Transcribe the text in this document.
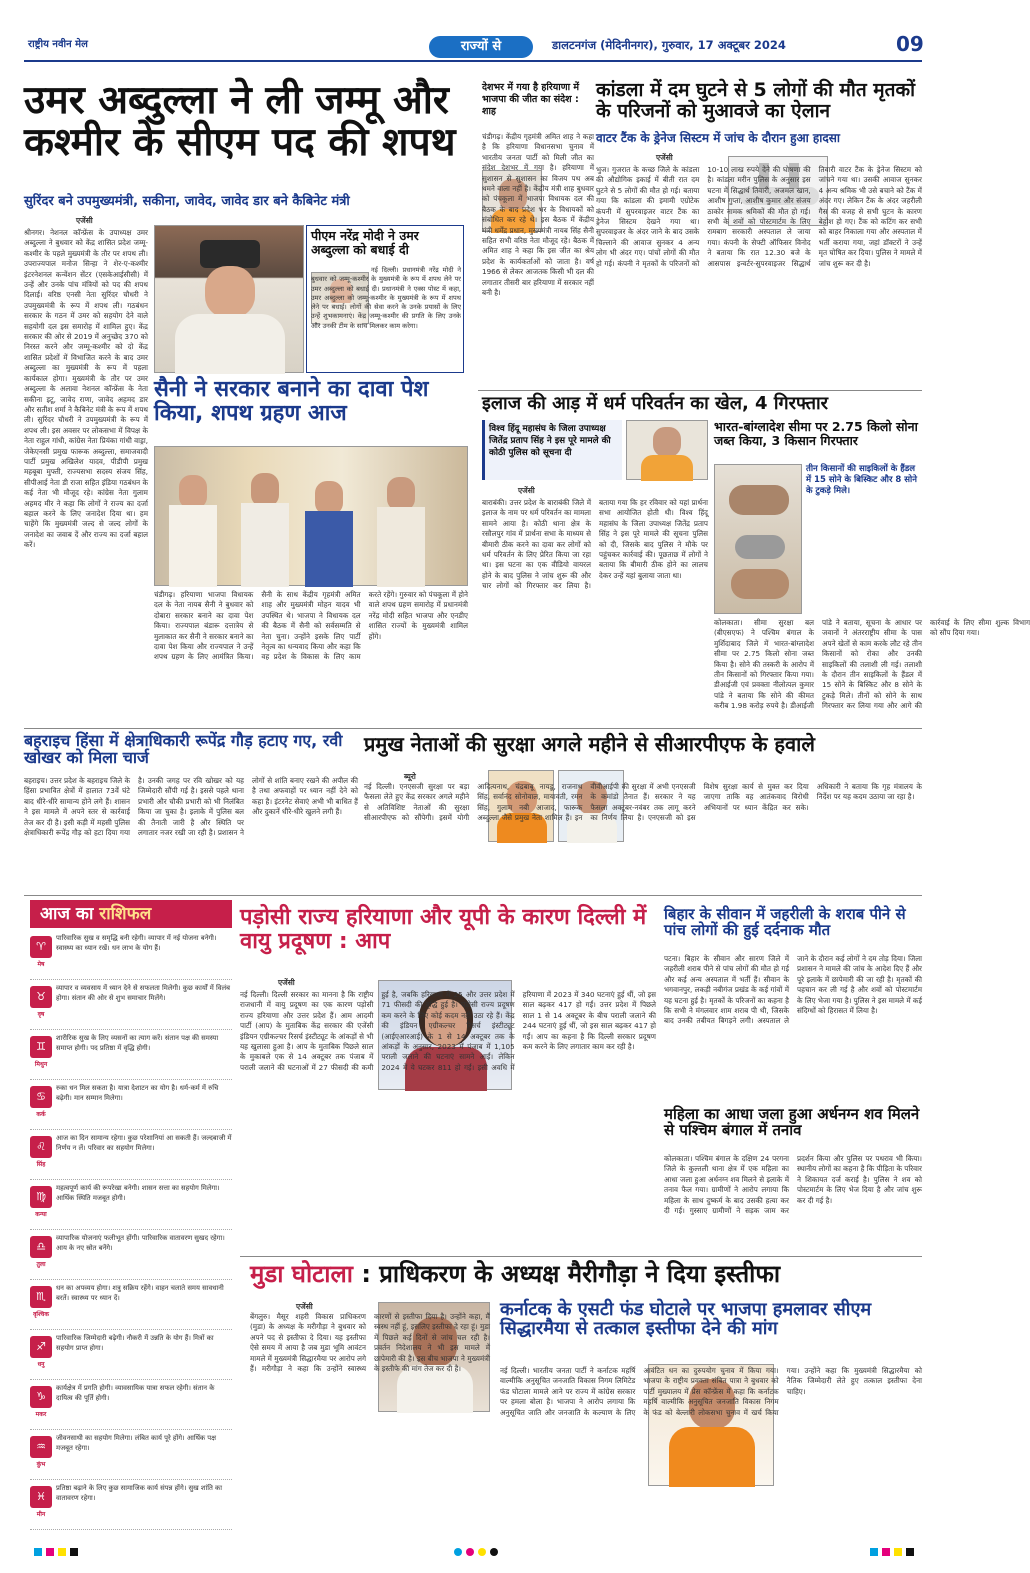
राष्ट्रीय नवीन मेल	राज्यों से	डालटनगंज (मेदिनीनगर), गुरुवार, 17 अक्टूबर 2024	09
उमर अब्दुल्ला ने ली जम्मू और कश्मीर के सीएम पद की शपथ
सुरिंदर बने उपमुख्यमंत्री, सकीना, जावेद, जावेद डार बने कैबिनेट मंत्री
एजेंसी
श्रीनगर। नेशनल कॉन्फ्रेंस के उपाध्यक्ष उमर अब्दुल्ला ने बुधवार को केंद्र शासित प्रदेश जम्मू-कश्मीर के पहले मुख्यमंत्री के तौर पर शपथ ली। उपराज्यपाल मनोज सिन्हा ने शेर-ए-कश्मीर इंटरनेशनल कन्वेंशन सेंटर (एसकेआईसीसी) में उन्हें और उनके पांच मंत्रियों को पद की शपथ दिलाई। वरिष्ठ एनसी नेता सुरिंदर चौधरी ने उपमुख्यमंत्री के रूप में शपथ ली। गठबंधन सरकार के गठन में उमर को सहयोग देने वाले सहयोगी दल इस समारोह में शामिल हुए। केंद्र सरकार की ओर से 2019 में अनुच्छेद 370 को निरस्त करने और जम्मू-कश्मीर को दो केंद्र शासित प्रदेशों में विभाजित करने के बाद उमर अब्दुल्ला का मुख्यमंत्री के रूप में पहला कार्यकाल होगा। मुख्यमंत्री के तौर पर उमर अब्दुल्ला के अलावा नेशनल कॉन्फ्रेंस के नेता सकीना इटू, जावेद राणा, जावेद अहमद डार और सतीश शर्मा ने कैबिनेट मंत्री के रूप में शपथ ली। सुरिंदर चौधरी ने उपमुख्यमंत्री के रूप में शपथ ली। इस अवसर पर लोकसभा में विपक्ष के नेता राहुल गांधी, कांग्रेस नेता प्रियंका गांधी वाड्रा, जेकेएनसी प्रमुख फारूक अब्दुल्ला, समाजवादी पार्टी प्रमुख अखिलेश यादव, पीडीपी प्रमुख महबूबा मुफ्ती, राज्यसभा सदस्य संजय सिंह, सीपीआई नेता डी राजा सहित इंडिया गठबंधन के कई नेता भी मौजूद रहे। कांग्रेस नेता गुलाम अहमद मीर ने कहा कि लोगों ने राज्य का दर्जा बहाल करने के लिए जनादेश दिया था। हम चाहेंगे कि मुख्यमंत्री जल्द से जल्द लोगों के जनादेश का जवाब दें और राज्य का दर्जा बहाल करें।
पीएम नरेंद्र मोदी ने उमर अब्दुल्ला को बधाई दी
नई दिल्ली। प्रधानमंत्री नरेंद्र मोदी ने बुधवार को जम्मू-कश्मीर के मुख्यमंत्री के रूप में शपथ लेने पर उमर अब्दुल्ला को बधाई दी। प्रधानमंत्री ने एक्स पोस्ट में कहा, उमर अब्दुल्ला को जम्मू-कश्मीर के मुख्यमंत्री के रूप में शपथ लेने पर बधाई। लोगों की सेवा करने के उनके प्रयासों के लिए उन्हें शुभकामनाएं। केंद्र जम्मू-कश्मीर की प्रगति के लिए उनके और उनकी टीम के साथ मिलकर काम करेगा।
सैनी ने सरकार बनाने का दावा पेश किया, शपथ ग्रहण आज
चंडीगढ़। हरियाणा भाजपा विधायक दल के नेता नायब सैनी ने बुधवार को दोबारा सरकार बनाने का दावा पेश किया। राज्यपाल बंडारू दत्तात्रेय से मुलाकात कर सैनी ने सरकार बनाने का दावा पेश किया और राज्यपाल ने उन्हें शपथ ग्रहण के लिए आमंत्रित किया। सैनी के साथ केंद्रीय गृहमंत्री अमित शाह और मुख्यमंत्री मोहन यादव भी उपस्थित थे। भाजपा ने विधायक दल की बैठक में सैनी को सर्वसम्मति से नेता चुना। उन्होंने इसके लिए पार्टी नेतृत्व का धन्यवाद किया और कहा कि वह प्रदेश के विकास के लिए काम करते रहेंगे। गुरुवार को पंचकूला में होने वाले शपथ ग्रहण समारोह में प्रधानमंत्री नरेंद्र मोदी सहित भाजपा और एनडीए शासित राज्यों के मुख्यमंत्री शामिल होंगे।
देशभर में गया है हरियाणा में भाजपा की जीत का संदेश : शाह
चंडीगढ़। केंद्रीय गृहमंत्री अमित शाह ने कहा है कि हरियाणा विधानसभा चुनाव में भारतीय जनता पार्टी को मिली जीत का संदेश देशभर में गया है। हरियाणा में सुशासन से सुशासन का विजय पथ अब थमने वाला नहीं है। केंद्रीय मंत्री शाह बुधवार को पंचकूला में भाजपा विधायक दल की बैठक के बाद प्रदेश भर के विधायकों को संबोधित कर रहे थे। इस बैठक में केंद्रीय मंत्री धर्मेंद्र प्रधान, मुख्यमंत्री नायब सिंह सैनी सहित सभी वरिष्ठ नेता मौजूद रहे। बैठक में अमित शाह ने कहा कि इस जीत का श्रेय प्रदेश के कार्यकर्ताओं को जाता है। वर्ष 1966 से लेकर आजतक किसी भी दल की लगातार तीसरी बार हरियाणा में सरकार नहीं बनी है।
कांडला में दम घुटने से 5 लोगों की मौत मृतकों के परिजनों को मुआवजे का ऐलान
वाटर टैंक के ड्रेनेज सिस्टम में जांच के दौरान हुआ हादसा
एजेंसी
भुज। गुजरात के कच्छ जिले के कांडला की औद्योगिक इकाई में बीती रात दम घुटने से 5 लोगों की मौत हो गई। बताया गया कि कांडला की इमामी एग्रोटेक कंपनी में सुपरवाइजर वाटर टैंक का ड्रेनेज सिस्टम देखने गया था। सुपरवाइजर के अंदर जाने के बाद उसके चिल्लाने की आवाज सुनकर 4 अन्य लोग भी अंदर गए। पांचों लोगों की मौत हो गई। कंपनी ने मृतकों के परिजनों को 10-10 लाख रुपये देने की घोषणा की है। कांडला मरीन पुलिस के अनुसार इस घटना में सिद्धार्थ तिवारी, अजमल खान, आशीष गुप्ता, आशीष कुमार और संजय ठाकोर नामक श्रमिकों की मौत हो गई। सभी के शवों को पोस्टमार्टम के लिए रामबाग सरकारी अस्पताल ले जाया गया। कंपनी के सेफ्टी ऑफिसर विनोद ने बताया कि रात 12.30 बजे के आसपास इन्वर्टर-सुपरवाइजर सिद्धार्थ तिवारी वाटर टैंक के ड्रेनेज सिस्टम को जांचने गया था। उसकी आवाज सुनकर 4 अन्य श्रमिक भी उसे बचाने को टैंक में अंदर गए। लेकिन टैंक के अंदर जहरीली गैस की वजह से सभी घुटन के कारण बेहोश हो गए। टैंक को कटिंग कर सभी को बाहर निकाला गया और अस्पताल में भर्ती कराया गया, जहां डॉक्टरों ने उन्हें मृत घोषित कर दिया। पुलिस ने मामले में जांच शुरू कर दी है।
इलाज की आड़ में धर्म परिवर्तन का खेल, 4 गिरफ्तार
विश्व हिंदू महासंघ के जिला उपाध्यक्ष जितेंद्र प्रताप सिंह ने इस पूरे मामले की कोठी पुलिस को सूचना दी
एजेंसी
बाराबंकी। उत्तर प्रदेश के बाराबंकी जिले में इलाज के नाम पर धर्म परिवर्तन का मामला सामने आया है। कोठी थाना क्षेत्र के रसौलपुर गांव में प्रार्थना सभा के माध्यम से बीमारी ठीक करने का दावा कर लोगों को धर्म परिवर्तन के लिए प्रेरित किया जा रहा था। इस घटना का एक वीडियो वायरल होने के बाद पुलिस ने जांच शुरू की और चार लोगों को गिरफ्तार कर लिया है। बताया गया कि हर रविवार को यहां प्रार्थना सभा आयोजित होती थी। विश्व हिंदू महासंघ के जिला उपाध्यक्ष जितेंद्र प्रताप सिंह ने इस पूरे मामले की सूचना पुलिस को दी, जिसके बाद पुलिस ने मौके पर पहुंचकर कार्रवाई की। पूछताछ में लोगों ने बताया कि बीमारी ठीक होने का लालच देकर उन्हें यहां बुलाया जाता था।
भारत-बांग्लादेश सीमा पर 2.75 किलो सोना जब्त किया, 3 किसान गिरफ्तार
तीन किसानों की साइकिलों के हैंडल में 15 सोने के बिस्किट और 8 सोने के टुकड़े मिले।
कोलकाता। सीमा सुरक्षा बल (बीएसएफ) ने पश्चिम बंगाल के मुर्शिदाबाद जिले में भारत-बांग्लादेश सीमा पर 2.75 किलो सोना जब्त किया है। सोने की तस्करी के आरोप में तीन किसानों को गिरफ्तार किया गया। डीआईजी एवं प्रवक्ता नीलोत्पल कुमार पांडे ने बताया कि सोने की कीमत करीब 1.98 करोड़ रुपये है। डीआईजी पांडे ने बताया, सूचना के आधार पर जवानों ने अंतरराष्ट्रीय सीमा के पास अपने खेतों से काम करके लौट रहे तीन किसानों को रोका और उनकी साइकिलों की तलाशी ली गई। तलाशी के दौरान तीन साइकिलों के हैंडल में 15 सोने के बिस्किट और 8 सोने के टुकड़े मिले। तीनों को सोने के साथ गिरफ्तार कर लिया गया और आगे की कार्रवाई के लिए सीमा शुल्क विभाग को सौंप दिया गया।
बहराइच हिंसा में क्षेत्राधिकारी रूपेंद्र गौड़ हटाए गए, रवी खोखर को मिला चार्ज
बहराइच। उत्तर प्रदेश के बहराइच जिले के हिंसा प्रभावित क्षेत्रों में हालात 73वें घंटे बाद धीरे-धीरे सामान्य होने लगे हैं। शासन ने इस मामले में अपने स्तर से कार्रवाई तेज कर दी है। इसी कड़ी में महसी पुलिस क्षेत्राधिकारी रूपेंद्र गौड़ को हटा दिया गया है। उनकी जगह पर रवि खोखर को यह जिम्मेदारी सौंपी गई है। इससे पहले थाना प्रभारी और चौकी प्रभारी को भी निलंबित किया जा चुका है। इलाके में पुलिस बल की तैनाती जारी है और स्थिति पर लगातार नजर रखी जा रही है। प्रशासन ने लोगों से शांति बनाए रखने की अपील की है तथा अफवाहों पर ध्यान नहीं देने को कहा है। इंटरनेट सेवाएं अभी भी बाधित हैं और दुकानें धीरे-धीरे खुलने लगी हैं।
प्रमुख नेताओं की सुरक्षा अगले महीने से सीआरपीएफ के हवाले
ब्यूरो
नई दिल्ली। एनएसजी सुरक्षा पर बड़ा फैसला लेते हुए केंद्र सरकार अगले महीने से अतिविशिष्ट नेताओं की सुरक्षा सीआरपीएफ को सौंपेगी। इसमें योगी आदित्यनाथ, चंद्रबाबू नायडू, राजनाथ सिंह, सर्वानंद सोनोवाल, मायावती, रमन सिंह, गुलाम नबी आजाद, फारूक अब्दुल्ला जैसे प्रमुख नेता शामिल हैं। इन वीवीआईपी की सुरक्षा में अभी एनएसजी के कमांडो तैनात हैं। सरकार ने यह फैसला अक्टूबर-नवंबर तक लागू करने का निर्णय लिया है। एनएसजी को इस विशेष सुरक्षा कार्य से मुक्त कर दिया जाएगा ताकि वह आतंकवाद विरोधी अभियानों पर ध्यान केंद्रित कर सके। अधिकारी ने बताया कि गृह मंत्रालय के निर्देश पर यह कदम उठाया जा रहा है।
आज का राशिफल
♈
मेष
पारिवारिक सुख व समृद्धि बनी रहेगी। व्यापार में नई योजना बनेगी। स्वास्थ्य का ध्यान रखें। धन लाभ के योग हैं।
♉
वृष
व्यापार व व्यवसाय में ध्यान देने से सफलता मिलेगी। कुछ कार्यों में विलंब होगा। संतान की ओर से शुभ समाचार मिलेंगे।
♊
मिथुन
शारीरिक सुख के लिए व्यसनों का त्याग करें। संतान पक्ष की समस्या समाप्त होगी। पद प्रतिष्ठा में वृद्धि होगी।
♋
कर्क
रुका धन मिल सकता है। यात्रा देशाटन का योग है। धर्म-कर्म में रुचि बढ़ेगी। मान सम्मान मिलेगा।
♌
सिंह
आज का दिन सामान्य रहेगा। कुछ परेशानियां आ सकती हैं। जल्दबाजी में निर्णय न लें। परिवार का सहयोग मिलेगा।
♍
कन्या
महत्वपूर्ण कार्य की रूपरेखा बनेगी। शासन सत्ता का सहयोग मिलेगा। आर्थिक स्थिति मजबूत होगी।
♎
तुला
व्यापारिक योजनाएं फलीभूत होंगी। पारिवारिक वातावरण सुखद रहेगा। आय के नए स्रोत बनेंगे।
♏
वृश्चिक
धन का अपव्यय होगा। शत्रु सक्रिय रहेंगे। वाहन चलाते समय सावधानी बरतें। स्वास्थ्य पर ध्यान दें।
♐
धनु
पारिवारिक जिम्मेदारी बढ़ेगी। नौकरी में उन्नति के योग हैं। मित्रों का सहयोग प्राप्त होगा।
♑
मकर
कार्यक्षेत्र में प्रगति होगी। व्यावसायिक यात्रा सफल रहेगी। संतान के दायित्व की पूर्ति होगी।
♒
कुंभ
जीवनसाथी का सहयोग मिलेगा। लंबित कार्य पूरे होंगे। आर्थिक पक्ष मजबूत रहेगा।
♓
मीन
प्रतिष्ठा बढ़ाने के लिए कुछ सामाजिक कार्य संपन्न होंगे। सुख शांति का वातावरण रहेगा।
पड़ोसी राज्य हरियाणा और यूपी के कारण दिल्ली में वायु प्रदूषण : आप
एजेंसी
नई दिल्ली। दिल्ली सरकार का मानना है कि राष्ट्रीय राजधानी में वायु प्रदूषण का एक कारण पड़ोसी राज्य हरियाणा और उत्तर प्रदेश हैं। आम आदमी पार्टी (आप) के मुताबिक केंद्र सरकार की एजेंसी इंडियन एग्रीकल्चर रिसर्च इंस्टीट्यूट के आंकड़ों से भी यह खुलासा हुआ है। आप के मुताबिक पिछले साल के मुकाबले एक से 14 अक्टूबर तक पंजाब में पराली जलाने की घटनाओं में 27 फीसदी की कमी हुई है, जबकि हरियाणा में 25 और उत्तर प्रदेश में 71 फीसदी की वृद्धि हुई है। पड़ोसी राज्य प्रदूषण कम करने के लिए कोई कदम नहीं उठा रहे हैं। केंद्र की इंडियन एग्रीकल्चर रिसर्च इंस्टीट्यूट (आईएआरआई) के 1 से 14 अक्टूबर तक के आंकड़ों के अनुसार, 2023 में पंजाब में 1,105 पराली जलाने की घटनाएं सामने आईं। लेकिन 2024 में ये घटकर 811 हो गईं। इसी अवधि में हरियाणा में 2023 में 340 घटनाएं हुई थीं, जो इस साल बढ़कर 417 हो गईं। उत्तर प्रदेश में पिछले साल 1 से 14 अक्टूबर के बीच पराली जलाने की 244 घटनाएं हुई थीं, जो इस साल बढ़कर 417 हो गईं। आप का कहना है कि दिल्ली सरकार प्रदूषण कम करने के लिए लगातार काम कर रही है।
बिहार के सीवान में जहरीली के शराब पीने से पांच लोगों की हुई दर्दनाक मौत
पटना। बिहार के सीवान और सारण जिले में जहरीली शराब पीने से पांच लोगों की मौत हो गई और कई अन्य अस्पताल में भर्ती हैं। सीवान के भगवानपुर, लकड़ी नबीगंज प्रखंड के कई गांवों में यह घटना हुई है। मृतकों के परिजनों का कहना है कि सभी ने मंगलवार शाम शराब पी थी, जिसके बाद उनकी तबीयत बिगड़ने लगी। अस्पताल ले जाने के दौरान कई लोगों ने दम तोड़ दिया। जिला प्रशासन ने मामले की जांच के आदेश दिए हैं और पूरे इलाके में छापेमारी की जा रही है। मृतकों की पहचान कर ली गई है और शवों को पोस्टमार्टम के लिए भेजा गया है। पुलिस ने इस मामले में कई संदिग्धों को हिरासत में लिया है।
महिला का आधा जला हुआ अर्धनग्न शव मिलने से पश्चिम बंगाल में तनाव
कोलकाता। पश्चिम बंगाल के दक्षिण 24 परगना जिले के कुल्तली थाना क्षेत्र में एक महिला का आधा जला हुआ अर्धनग्न शव मिलने से इलाके में तनाव फैल गया। ग्रामीणों ने आरोप लगाया कि महिला के साथ दुष्कर्म के बाद उसकी हत्या कर दी गई। गुस्साए ग्रामीणों ने सड़क जाम कर प्रदर्शन किया और पुलिस पर पथराव भी किया। स्थानीय लोगों का कहना है कि पीड़िता के परिवार ने शिकायत दर्ज कराई है। पुलिस ने शव को पोस्टमार्टम के लिए भेज दिया है और जांच शुरू कर दी गई है।
मुडा घोटाला : प्राधिकरण के अध्यक्ष मैरीगौड़ा ने दिया इस्तीफा
एजेंसी
बेंगलुरु। मैसूर शहरी विकास प्राधिकरण (मुडा) के अध्यक्ष के मरीगौड़ा ने बुधवार को अपने पद से इस्तीफा दे दिया। यह इस्तीफा ऐसे समय में आया है जब मुडा भूमि आवंटन मामले में मुख्यमंत्री सिद्धारमैया पर आरोप लगे हैं। मरीगौड़ा ने कहा कि उन्होंने स्वास्थ्य कारणों से इस्तीफा दिया है। उन्होंने कहा, मैं स्वस्थ नहीं हूं, इसलिए इस्तीफा दे रहा हूं। मुडा में पिछले कई दिनों से जांच चल रही है। प्रवर्तन निदेशालय ने भी इस मामले में छापेमारी की है। इस बीच भाजपा ने मुख्यमंत्री के इस्तीफे की मांग तेज कर दी है।
कर्नाटक के एसटी फंड घोटाले पर भाजपा हमलावर सीएम सिद्धारमैया से तत्काल इस्तीफा देने की मांग
नई दिल्ली। भारतीय जनता पार्टी ने कर्नाटक महर्षि वाल्मीकि अनुसूचित जनजाति विकास निगम लिमिटेड फंड घोटाला मामले आने पर राज्य में कांग्रेस सरकार पर हमला बोला है। भाजपा ने आरोप लगाया कि अनुसूचित जाति और जनजाति के कल्याण के लिए आवंटित धन का दुरुपयोग चुनाव में किया गया। भाजपा के राष्ट्रीय प्रवक्ता संबित पात्रा ने बुधवार को पार्टी मुख्यालय में प्रेस कॉन्फ्रेंस में कहा कि कर्नाटक महर्षि वाल्मीकि अनुसूचित जनजाति विकास निगम के फंड को बेल्लारी लोकसभा चुनाव में खर्च किया गया। उन्होंने कहा कि मुख्यमंत्री सिद्धारमैया को नैतिक जिम्मेदारी लेते हुए तत्काल इस्तीफा देना चाहिए।
